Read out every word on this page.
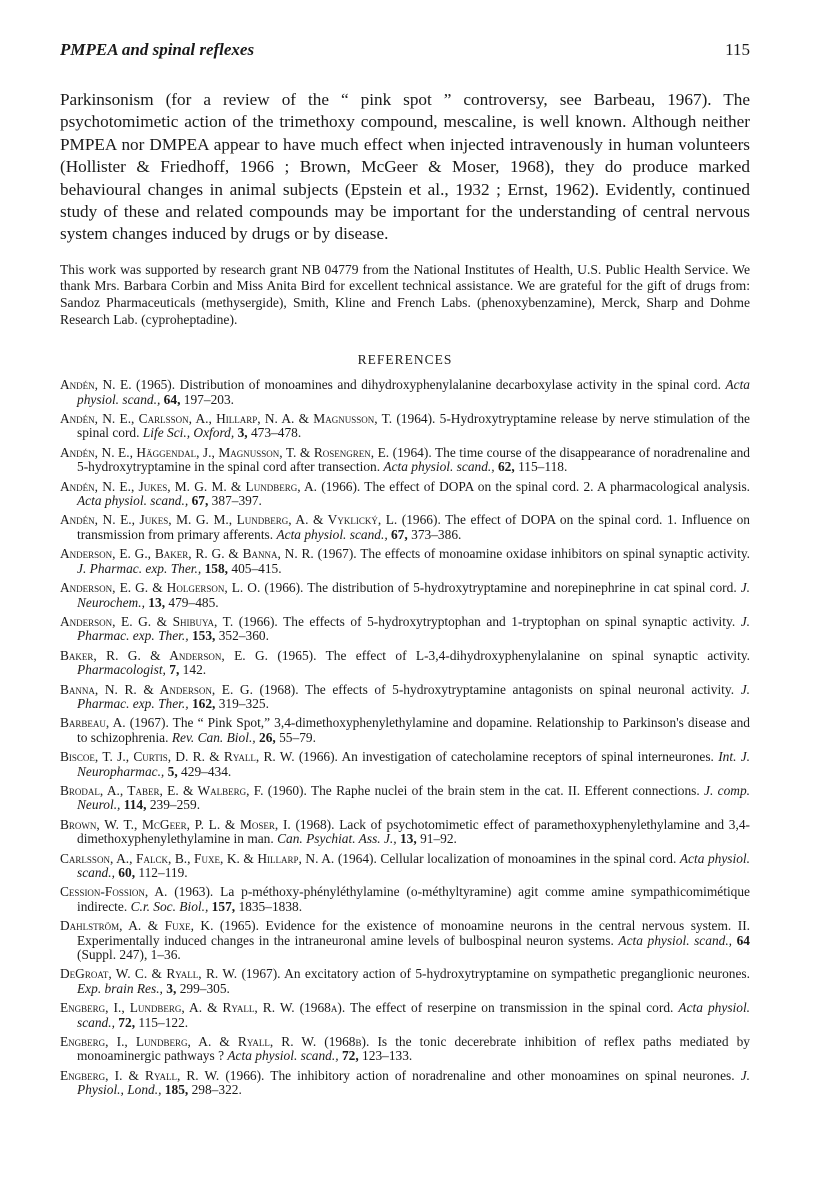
PMPEA and spinal reflexes	115

Parkinsonism (for a review of the “ pink spot ” controversy, see Barbeau, 1967). The psychotomimetic action of the trimethoxy compound, mescaline, is well known. Although neither PMPEA nor DMPEA appear to have much effect when injected intravenously in human volunteers (Hollister & Friedhoff, 1966 ; Brown, McGeer & Moser, 1968), they do produce marked behavioural changes in animal subjects (Epstein et al., 1932 ; Ernst, 1962). Evidently, continued study of these and related compounds may be important for the understanding of central nervous system changes induced by drugs or by disease.

This work was supported by research grant NB 04779 from the National Institutes of Health, U.S. Public Health Service. We thank Mrs. Barbara Corbin and Miss Anita Bird for excellent technical assistance. We are grateful for the gift of drugs from: Sandoz Pharmaceuticals (methysergide), Smith, Kline and French Labs. (phenoxybenzamine), Merck, Sharp and Dohme Research Lab. (cyproheptadine).

REFERENCES
Andén, N. E. (1965). Distribution of monoamines and dihydroxyphenylalanine decarboxylase activity in the spinal cord. Acta physiol. scand., 64, 197–203.
Andén, N. E., Carlsson, A., Hillarp, N. A. & Magnusson, T. (1964). 5-Hydroxytryptamine release by nerve stimulation of the spinal cord. Life Sci., Oxford, 3, 473–478.
Andén, N. E., Häggendal, J., Magnusson, T. & Rosengren, E. (1964). The time course of the disappearance of noradrenaline and 5-hydroxytryptamine in the spinal cord after transection. Acta physiol. scand., 62, 115–118.
Andén, N. E., Jukes, M. G. M. & Lundberg, A. (1966). The effect of DOPA on the spinal cord. 2. A pharmacological analysis. Acta physiol. scand., 67, 387–397.
Andén, N. E., Jukes, M. G. M., Lundberg, A. & Vyklický, L. (1966). The effect of DOPA on the spinal cord. 1. Influence on transmission from primary afferents. Acta physiol. scand., 67, 373–386.
Anderson, E. G., Baker, R. G. & Banna, N. R. (1967). The effects of monoamine oxidase inhibitors on spinal synaptic activity. J. Pharmac. exp. Ther., 158, 405–415.
Anderson, E. G. & Holgerson, L. O. (1966). The distribution of 5-hydroxytryptamine and norepinephrine in cat spinal cord. J. Neurochem., 13, 479–485.
Anderson, E. G. & Shibuya, T. (1966). The effects of 5-hydroxytryptophan and 1-tryptophan on spinal synaptic activity. J. Pharmac. exp. Ther., 153, 352–360.
Baker, R. G. & Anderson, E. G. (1965). The effect of L-3,4-dihydroxyphenylalanine on spinal synaptic activity. Pharmacologist, 7, 142.
Banna, N. R. & Anderson, E. G. (1968). The effects of 5-hydroxytryptamine antagonists on spinal neuronal activity. J. Pharmac. exp. Ther., 162, 319–325.
Barbeau, A. (1967). The “ Pink Spot,” 3,4-dimethoxyphenylethylamine and dopamine. Relationship to Parkinson's disease and to schizophrenia. Rev. Can. Biol., 26, 55–79.
Biscoe, T. J., Curtis, D. R. & Ryall, R. W. (1966). An investigation of catecholamine receptors of spinal interneurones. Int. J. Neuropharmac., 5, 429–434.
Brodal, A., Taber, E. & Walberg, F. (1960). The Raphe nuclei of the brain stem in the cat. II. Efferent connections. J. comp. Neurol., 114, 239–259.
Brown, W. T., McGeer, P. L. & Moser, I. (1968). Lack of psychotomimetic effect of paramethoxyphenylethylamine and 3,4-dimethoxyphenylethylamine in man. Can. Psychiat. Ass. J., 13, 91–92.
Carlsson, A., Falck, B., Fuxe, K. & Hillarp, N. A. (1964). Cellular localization of monoamines in the spinal cord. Acta physiol. scand., 60, 112–119.
Cession-Fossion, A. (1963). La p-méthoxy-phényléthylamine (o-méthyltyramine) agit comme amine sympathicomimétique indirecte. C.r. Soc. Biol., 157, 1835–1838.
Dahlström, A. & Fuxe, K. (1965). Evidence for the existence of monoamine neurons in the central nervous system. II. Experimentally induced changes in the intraneuronal amine levels of bulbospinal neuron systems. Acta physiol. scand., 64 (Suppl. 247), 1–36.
DeGroat, W. C. & Ryall, R. W. (1967). An excitatory action of 5-hydroxytryptamine on sympathetic preganglionic neurones. Exp. brain Res., 3, 299–305.
Engberg, I., Lundberg, A. & Ryall, R. W. (1968a). The effect of reserpine on transmission in the spinal cord. Acta physiol. scand., 72, 115–122.
Engberg, I., Lundberg, A. & Ryall, R. W. (1968b). Is the tonic decerebrate inhibition of reflex paths mediated by monoaminergic pathways ? Acta physiol. scand., 72, 123–133.
Engberg, I. & Ryall, R. W. (1966). The inhibitory action of noradrenaline and other monoamines on spinal neurones. J. Physiol., Lond., 185, 298–322.
